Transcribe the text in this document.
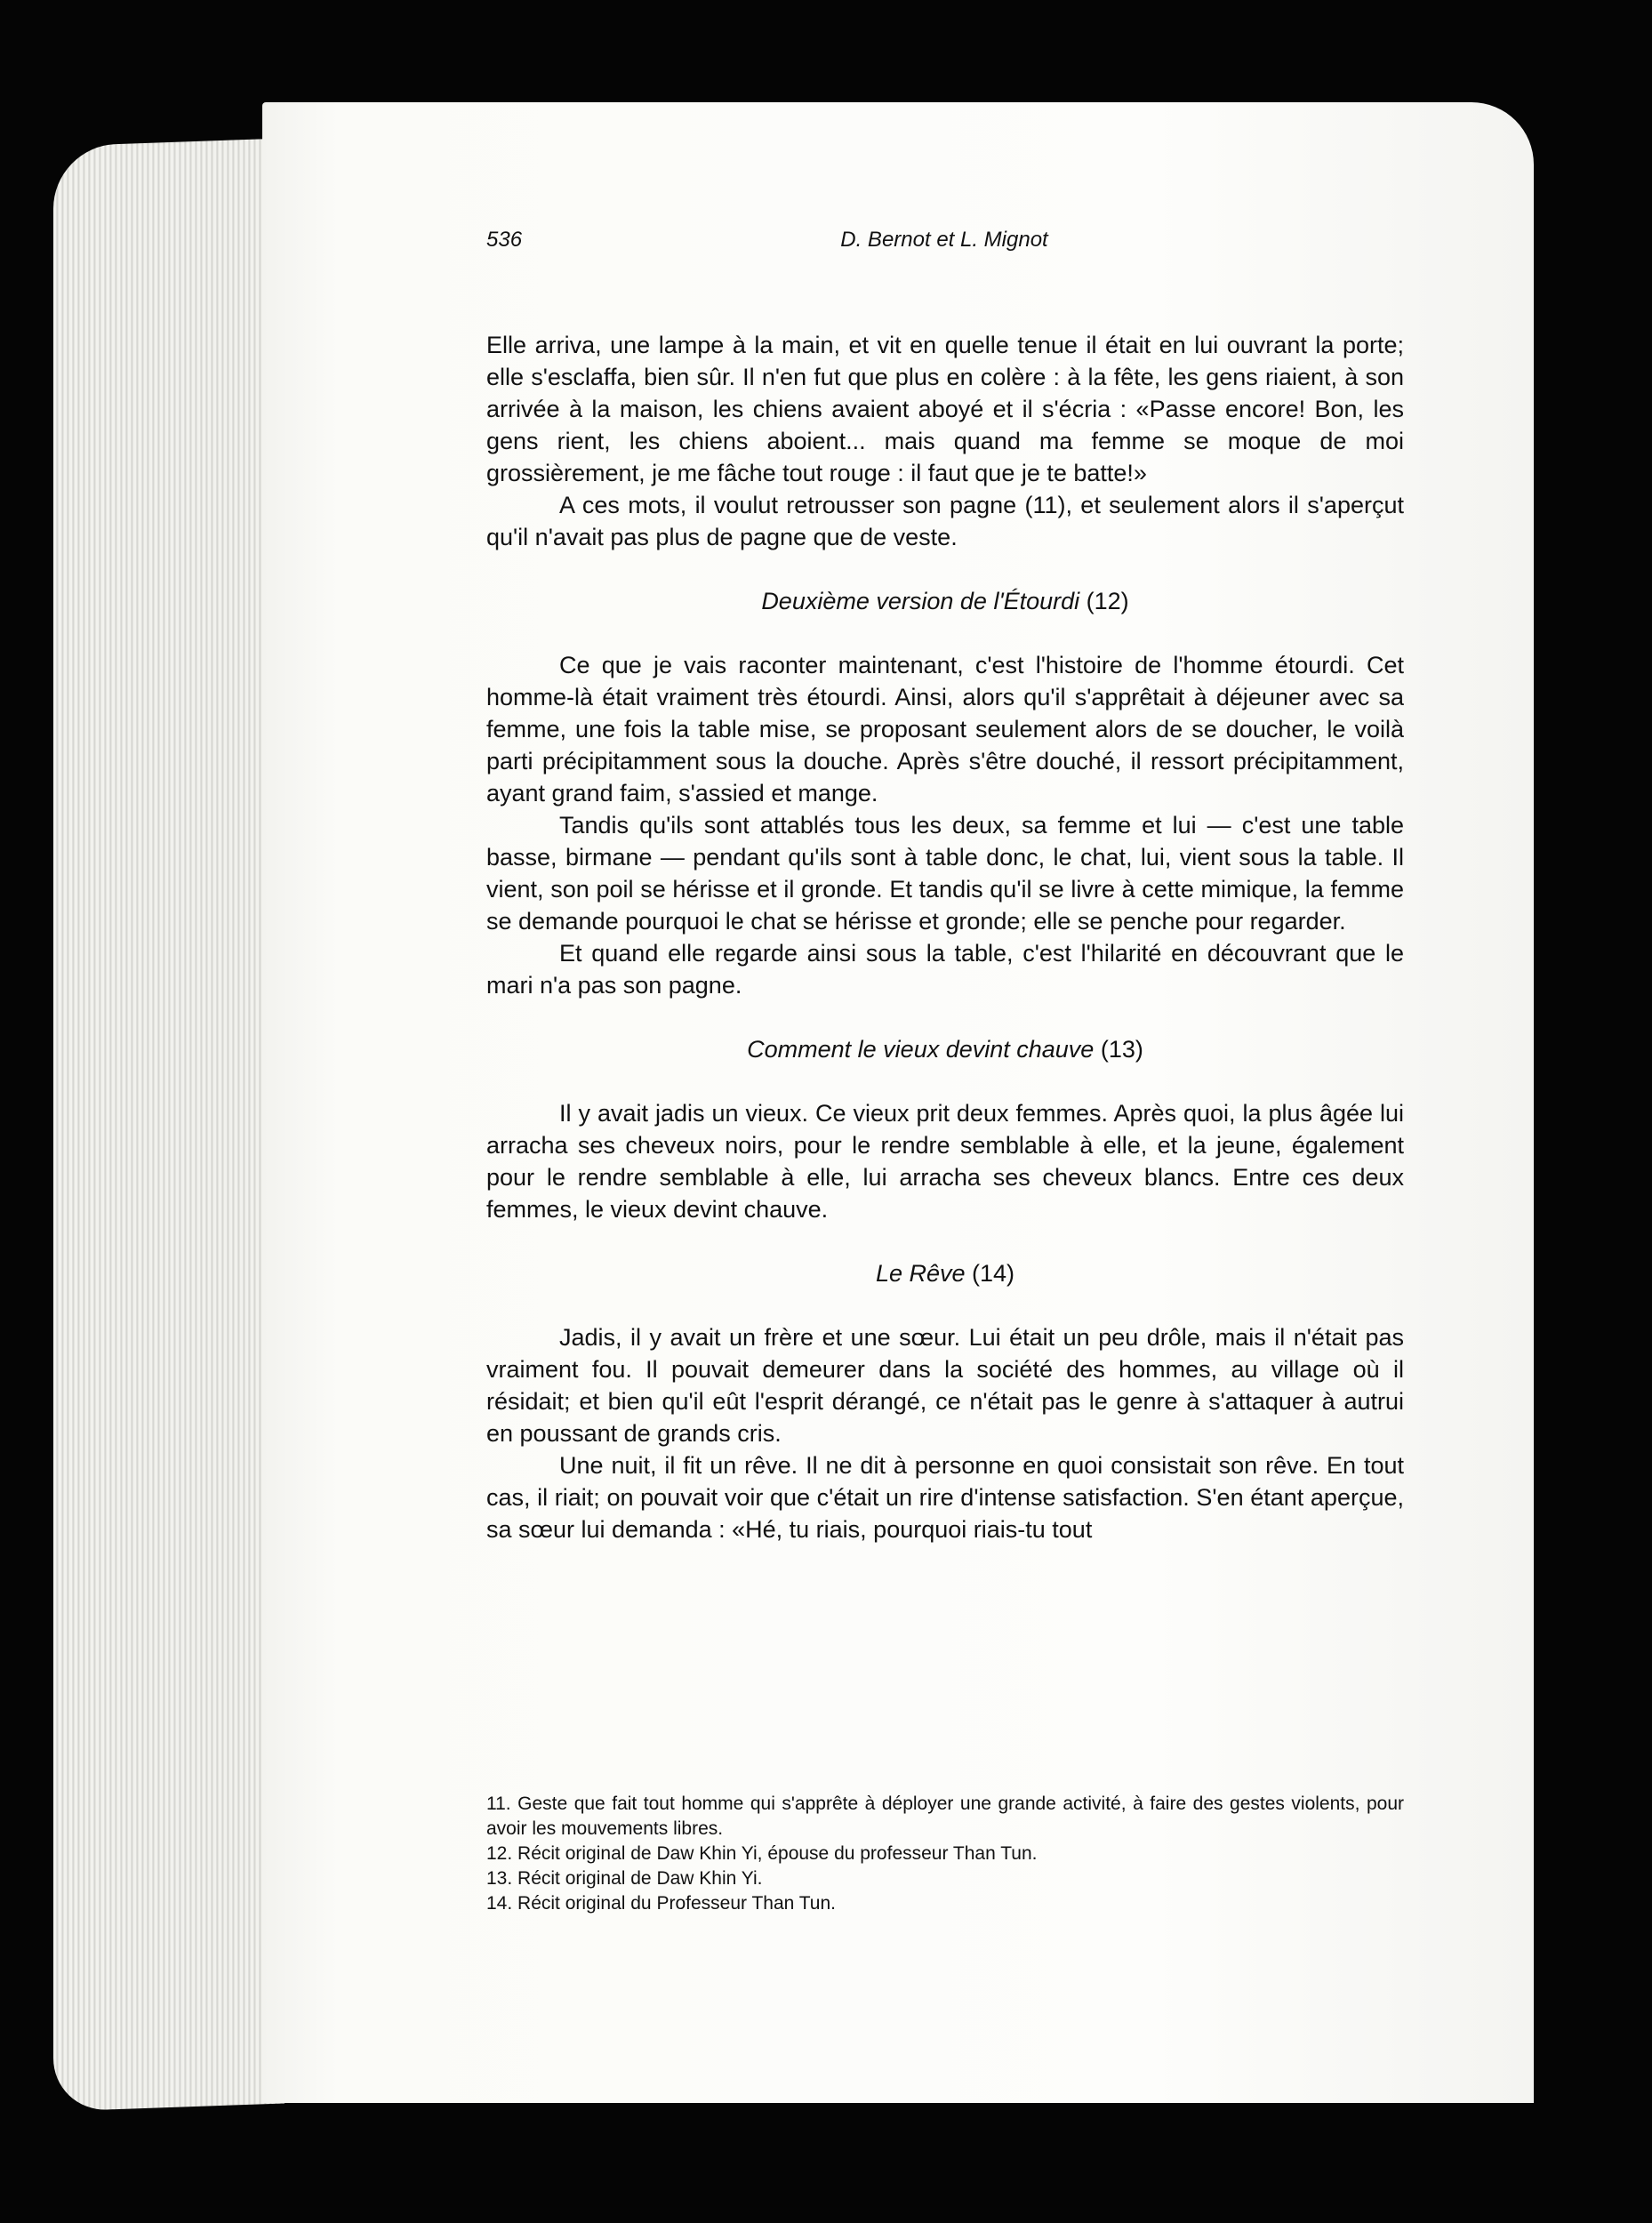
536	D. Bernot et L. Mignot

Elle arriva, une lampe à la main, et vit en quelle tenue il était en lui ouvrant la porte; elle s'esclaffa, bien sûr. Il n'en fut que plus en colère : à la fête, les gens riaient, à son arrivée à la maison, les chiens avaient aboyé et il s'écria : «Passe encore! Bon, les gens rient, les chiens aboient... mais quand ma femme se moque de moi grossièrement, je me fâche tout rouge : il faut que je te batte!»

A ces mots, il voulut retrousser son pagne (11), et seulement alors il s'aperçut qu'il n'avait pas plus de pagne que de veste.

Deuxième version de l'Étourdi (12)

Ce que je vais raconter maintenant, c'est l'histoire de l'homme étourdi. Cet homme-là était vraiment très étourdi. Ainsi, alors qu'il s'apprêtait à déjeuner avec sa femme, une fois la table mise, se proposant seulement alors de se doucher, le voilà parti précipitamment sous la douche. Après s'être douché, il ressort précipitamment, ayant grand faim, s'assied et mange.

Tandis qu'ils sont attablés tous les deux, sa femme et lui — c'est une table basse, birmane — pendant qu'ils sont à table donc, le chat, lui, vient sous la table. Il vient, son poil se hérisse et il gronde. Et tandis qu'il se livre à cette mimique, la femme se demande pourquoi le chat se hérisse et gronde; elle se penche pour regarder.

Et quand elle regarde ainsi sous la table, c'est l'hilarité en découvrant que le mari n'a pas son pagne.

Comment le vieux devint chauve (13)

Il y avait jadis un vieux. Ce vieux prit deux femmes. Après quoi, la plus âgée lui arracha ses cheveux noirs, pour le rendre semblable à elle, et la jeune, également pour le rendre semblable à elle, lui arracha ses cheveux blancs. Entre ces deux femmes, le vieux devint chauve.

Le Rêve (14)

Jadis, il y avait un frère et une sœur. Lui était un peu drôle, mais il n'était pas vraiment fou. Il pouvait demeurer dans la société des hommes, au village où il résidait; et bien qu'il eût l'esprit dérangé, ce n'était pas le genre à s'attaquer à autrui en poussant de grands cris.

Une nuit, il fit un rêve. Il ne dit à personne en quoi consistait son rêve. En tout cas, il riait; on pouvait voir que c'était un rire d'intense satisfaction. S'en étant aperçue, sa sœur lui demanda : «Hé, tu riais, pourquoi riais-tu tout

11. Geste que fait tout homme qui s'apprête à déployer une grande activité, à faire des gestes violents, pour avoir les mouvements libres.
12. Récit original de Daw Khin Yi, épouse du professeur Than Tun.
13. Récit original de Daw Khin Yi.
14. Récit original du Professeur Than Tun.
